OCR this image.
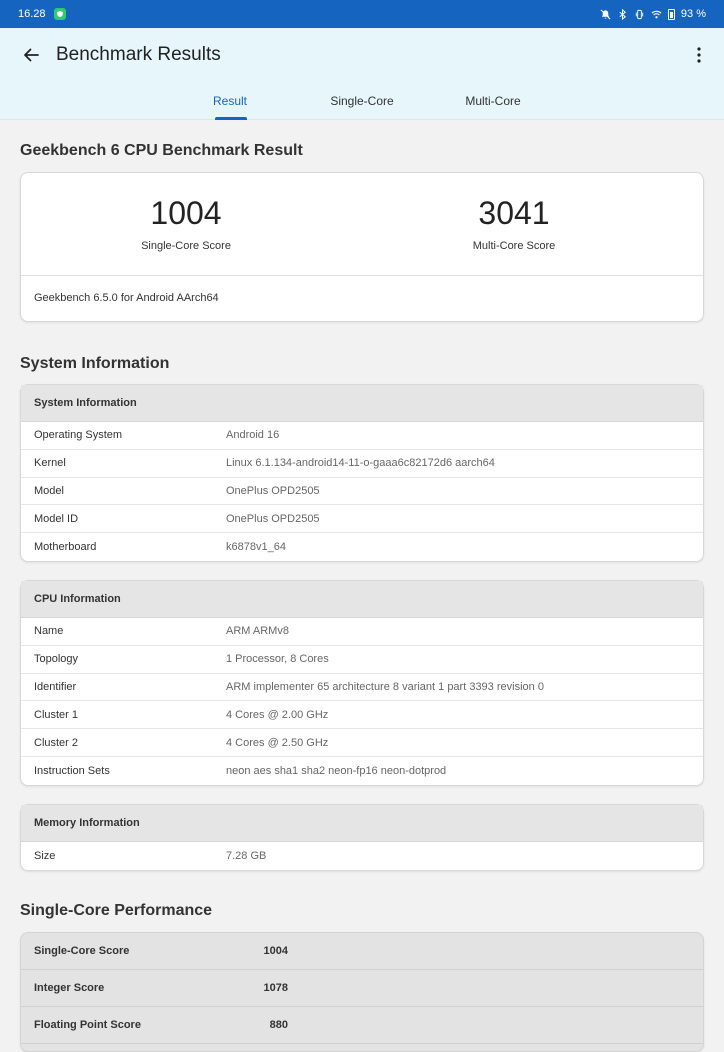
16.28	93 %
Benchmark Results
Result	Single-Core	Multi-Core
Geekbench 6 CPU Benchmark Result
1004
Single-Core Score
3041
Multi-Core Score
Geekbench 6.5.0 for Android AArch64
System Information
System Information
Operating System	Android 16
Kernel	Linux 6.1.134-android14-11-o-gaaa6c82172d6 aarch64
Model	OnePlus OPD2505
Model ID	OnePlus OPD2505
Motherboard	k6878v1_64
CPU Information
Name	ARM ARMv8
Topology	1 Processor, 8 Cores
Identifier	ARM implementer 65 architecture 8 variant 1 part 3393 revision 0
Cluster 1	4 Cores @ 2.00 GHz
Cluster 2	4 Cores @ 2.50 GHz
Instruction Sets	neon aes sha1 sha2 neon-fp16 neon-dotprod
Memory Information
Size	7.28 GB
Single-Core Performance
Single-Core Score	1004
Integer Score	1078
Floating Point Score	880
